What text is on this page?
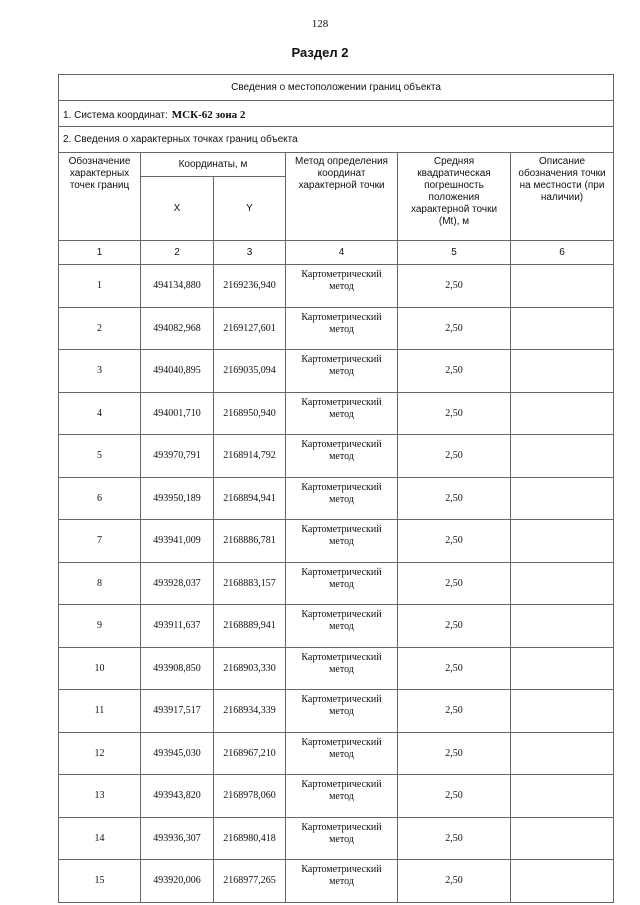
128
Раздел 2
Сведения о местоположении границ объекта					
1. Система координат: МСК-62 зона 2					
2. Сведения о характерных точках границ объекта					
Обозначение характерных точек границ	Координаты, м		Метод определения координат характерной точки	Средняя квадратическая погрешность положения характерной точки (Mt), м	Описание обозначения точки на местности (при наличии)
	X	Y			
1	2	3	4	5	6
1	494134,880	2169236,940	Картометрический метод	2,50	
2	494082,968	2169127,601	Картометрический метод	2,50	
3	494040,895	2169035,094	Картометрический метод	2,50	
4	494001,710	2168950,940	Картометрический метод	2,50	
5	493970,791	2168914,792	Картометрический метод	2,50	
6	493950,189	2168894,941	Картометрический метод	2,50	
7	493941,009	2168886,781	Картометрический метод	2,50	
8	493928,037	2168883,157	Картометрический метод	2,50	
9	493911,637	2168889,941	Картометрический метод	2,50	
10	493908,850	2168903,330	Картометрический метод	2,50	
11	493917,517	2168934,339	Картометрический метод	2,50	
12	493945,030	2168967,210	Картометрический метод	2,50	
13	493943,820	2168978,060	Картометрический метод	2,50	
14	493936,307	2168980,418	Картометрический метод	2,50	
15	493920,006	2168977,265	Картометрический метод	2,50	
